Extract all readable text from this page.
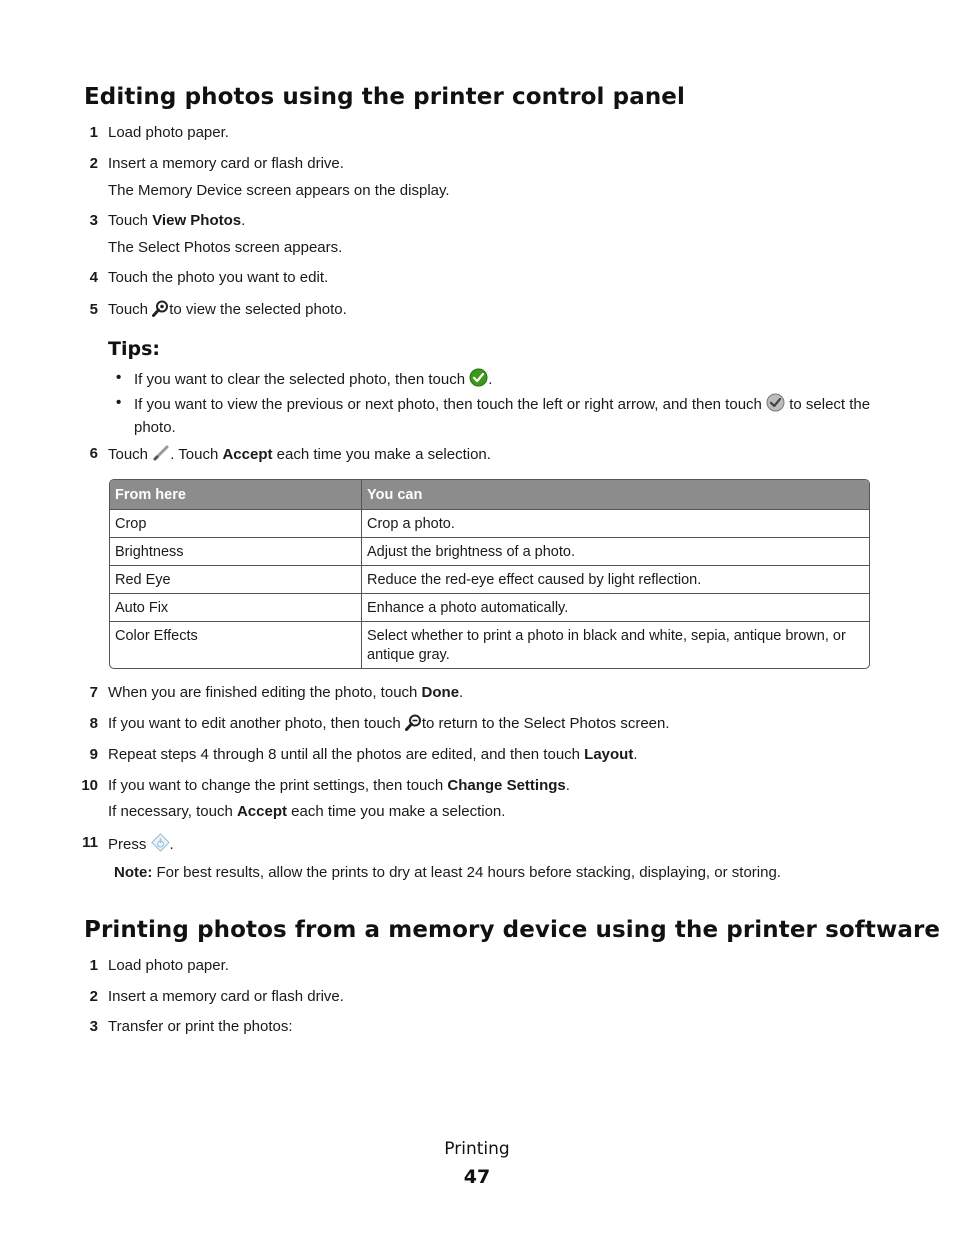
Editing photos using the printer control panel
1 Load photo paper.
2 Insert a memory card or flash drive.
The Memory Device screen appears on the display.
3 Touch View Photos.
The Select Photos screen appears.
4 Touch the photo you want to edit.
5 Touch to view the selected photo.
Tips:
• If you want to clear the selected photo, then touch .
• If you want to view the previous or next photo, then touch the left or right arrow, and then touch  to select the photo.
6 Touch . Touch Accept each time you make a selection.
From here	You can
Crop	Crop a photo.
Brightness	Adjust the brightness of a photo.
Red Eye	Reduce the red-eye effect caused by light reflection.
Auto Fix	Enhance a photo automatically.
Color Effects	Select whether to print a photo in black and white, sepia, antique brown, or antique gray.
7 When you are finished editing the photo, touch Done.
8 If you want to edit another photo, then touch to return to the Select Photos screen.
9 Repeat steps 4 through 8 until all the photos are edited, and then touch Layout.
10 If you want to change the print settings, then touch Change Settings.
If necessary, touch Accept each time you make a selection.
11 Press .
Note: For best results, allow the prints to dry at least 24 hours before stacking, displaying, or storing.
Printing photos from a memory device using the printer software
1 Load photo paper.
2 Insert a memory card or flash drive.
3 Transfer or print the photos:
Printing
47
